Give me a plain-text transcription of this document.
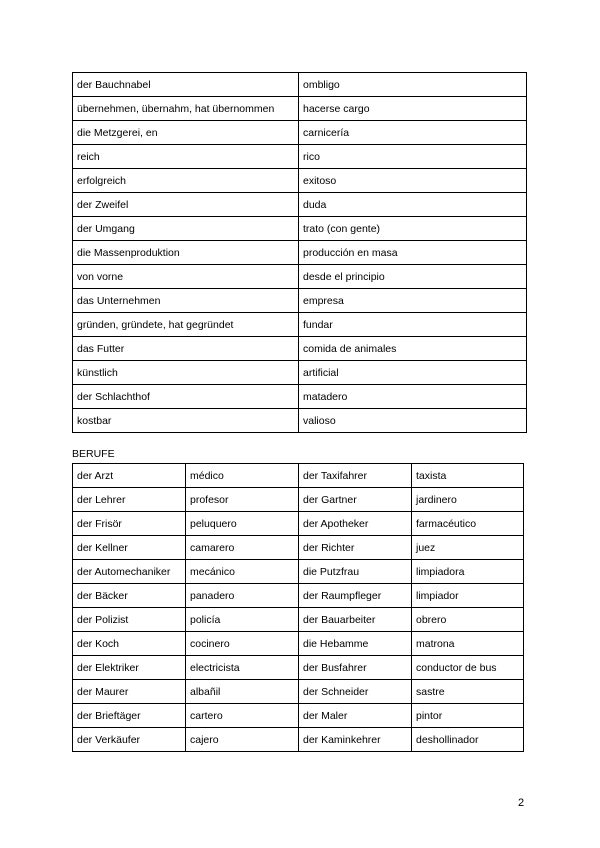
der Bauchnabel	ombligo
übernehmen, übernahm, hat übernommen	hacerse cargo
die Metzgerei, en	carnicería
reich	rico
erfolgreich	exitoso
der Zweifel	duda
der Umgang	trato (con gente)
die Massenproduktion	producción en masa
von vorne	desde el principio
das Unternehmen	empresa
gründen, gründete, hat gegründet	fundar
das Futter	comida de animales
künstlich	artificial
der Schlachthof	matadero
kostbar	valioso
BERUFE
der Arzt	médico	der Taxifahrer	taxista
der Lehrer	profesor	der Gartner	jardinero
der Frisör	peluquero	der Apotheker	farmacéutico
der Kellner	camarero	der Richter	juez
der Automechaniker	mecánico	die Putzfrau	limpiadora
der Bäcker	panadero	der Raumpfleger	limpiador
der Polizist	policía	der Bauarbeiter	obrero
der Koch	cocinero	die Hebamme	matrona
der Elektriker	electricista	der Busfahrer	conductor de bus
der Maurer	albañil	der Schneider	sastre
der Brieftäger	cartero	der Maler	pintor
der Verkäufer	cajero	der Kaminkehrer	deshollinador
2
